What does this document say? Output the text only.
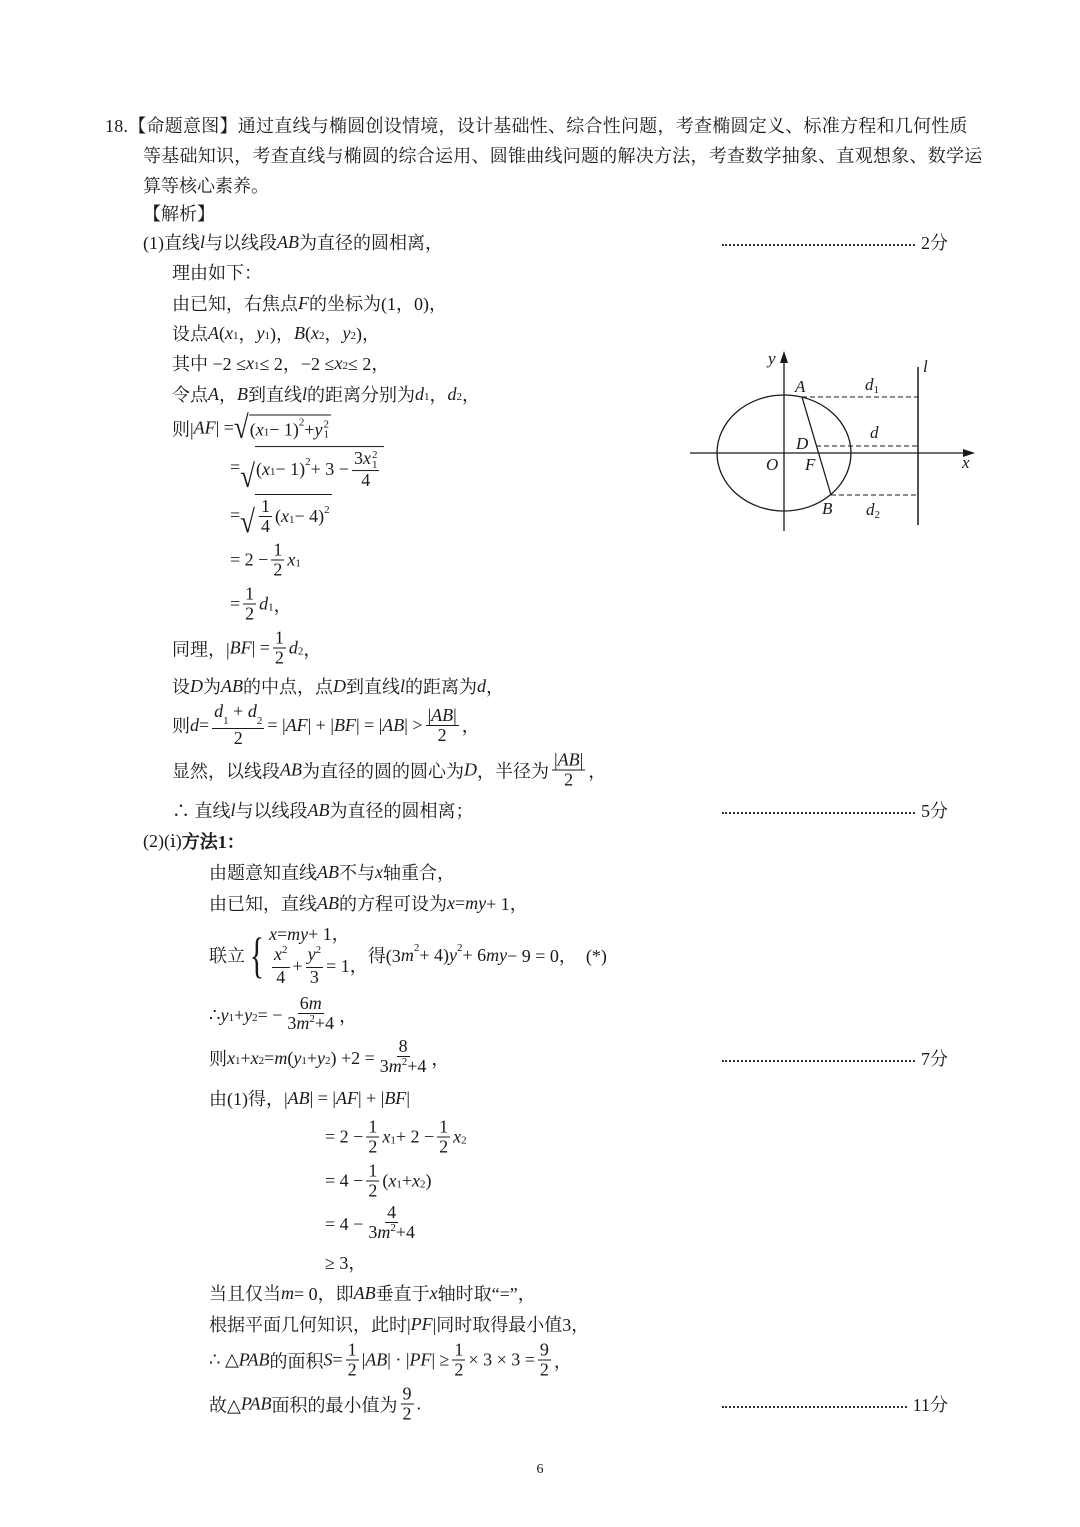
18.【命题意图】通过直线与椭圆创设情境，设计基础性、综合性问题，考查椭圆定义、标准方程和几何性质
等基础知识，考查直线与椭圆的综合运用、圆锥曲线问题的解决方法，考查数学抽象、直观想象、数学运
算等核心素养。
【解析】
(1)直线 l 与以线段 AB 为直径的圆相离，	2分
理由如下：
由已知，右焦点 F 的坐标为(1，0)，
设点 A ( x 1 ， y 1 )， B ( x 2 ， y 2 )，
其中 −2 ≤ x 1 ≤ 2，−2 ≤ x 2 ≤ 2，
令点 A ， B 到直线 l 的距离分别为 d 1 ， d 2 ，
则| AF | = √ ( x 1 − 1) 2 + y 2
1
= √ ( x 1 − 1) 2 + 3 − 3x 2
1
4
= √ $\frac{1}{4}$ ( x 1 − 4) 2
= $2 - \frac{1}{2}$ x 1
= $\frac{1}{2}$ d 1 ，
同理，| BF | = $\frac{1}{2}$ d 2 ，
设 D 为 AB 的中点，点 D 到直线 l 的距离为 d ，
则 $d = \frac{d_1 + d_2}{2}$ = | AF | + | BF | = | AB | > $\frac{|AB|}{2}$ ，
显然，以线段 AB 为直径的圆的圆心为 D ，半径为 $\frac{|AB|}{2}$ ，
∴ 直线 l 与以线段 AB 为直径的圆相离；	5分
(2)(ⅰ) 方法1：
由题意知直线 AB 不与 x 轴重合，
由已知，直线 AB 的方程可设为 x = my + 1，
联立
{ x = my + 1，
$\frac{x^2}{4} + \frac{y^2}{3} = 1$， 得(3 m 2 + 4) y 2 + 6 my − 9 = 0，　(*)
∴ y 1 + y 2 = − $\frac{6m}{3m^2+4}$ ，
则 x 1 + x 2 = m ( y 1 + y 2 ) $+2 = \frac{8}{3m^2+4}$ ，	7分
由(1)得，| AB | = | AF | + | BF |
= $2 - \frac{1}{2}$ x $1 + 2 - \frac{1}{2}$ x 2
= $4 - \frac{1}{2}$ ( x 1 + x 2 )
= $4 - \frac{4}{3m^2+4}$
≥ 3，
当且仅当 m = 0，即 AB 垂直于 x 轴时取“=”，
根据平面几何知识，此时| PF |同时取得最小值3，
∴ △ PAB 的面积 $S = \frac{1}{2}$ | AB | · | PF | ≥ $\frac{1}{2} \times 3 \times 3 = \frac{9}{2}$ ，
故△ PAB 面积的最小值为 $\frac{9}{2}$ .	11分
y	l
A	d1
d
D
O F	x
B d2
6
